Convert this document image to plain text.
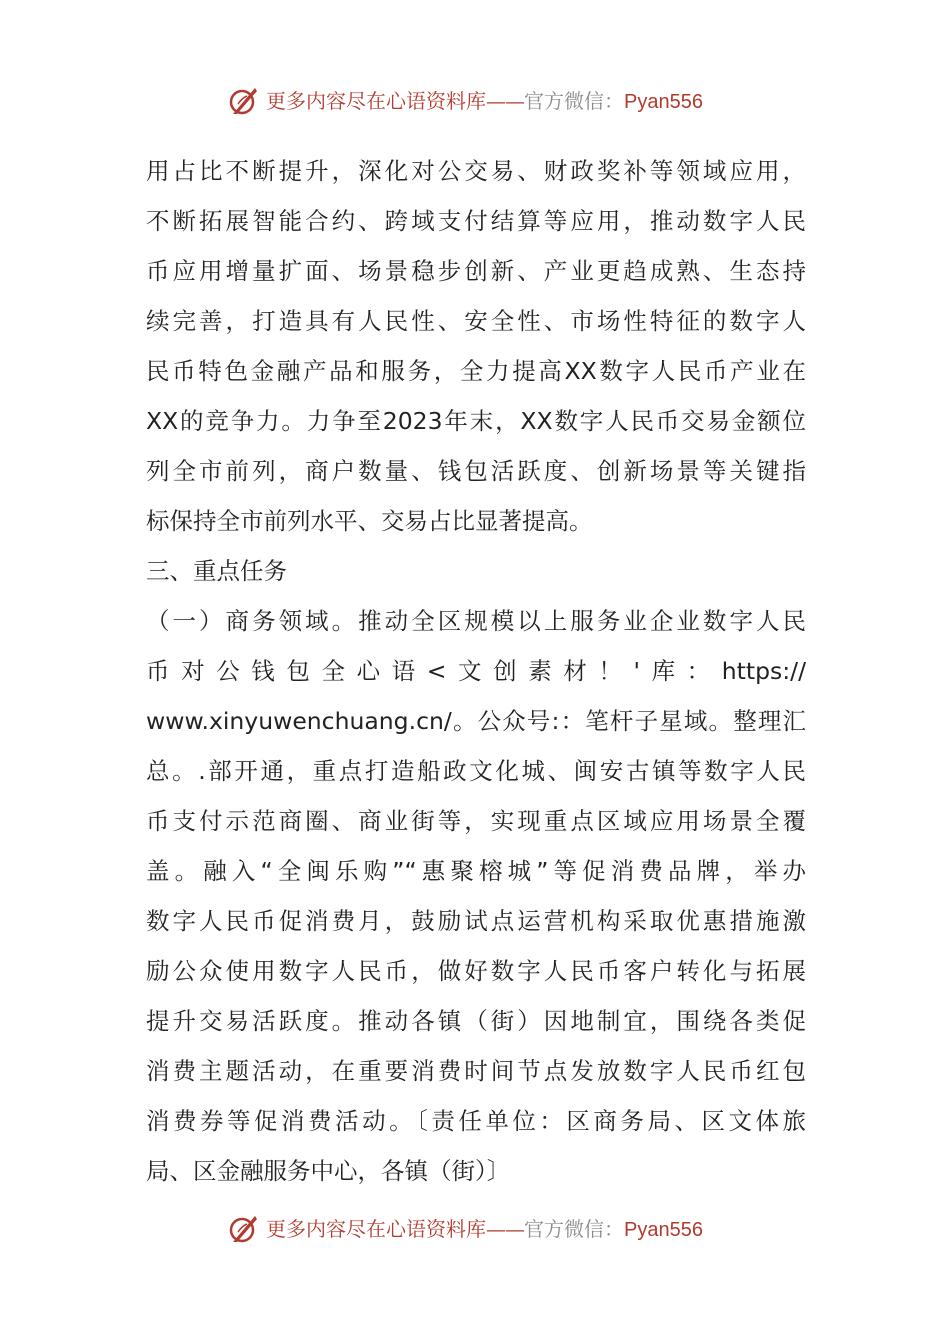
更多内容尽在心语资料库——官方微信：Pyan556
用占比不断提升，深化对公交易、财政奖补等领域应用，
不断拓展智能合约、跨域支付结算等应用，推动数字人民
币应用增量扩面、场景稳步创新、产业更趋成熟、生态持
续完善，打造具有人民性、安全性、市场性特征的数字人
民币特色金融产品和服务，全力提高XX数字人民币产业在
XX的竞争力。力争至2023年末，XX数字人民币交易金额位
列全市前列，商户数量、钱包活跃度、创新场景等关键指
标保持全市前列水平、交易占比显著提高。
三、重点任务
（一）商务领域。推动全区规模以上服务业企业数字人民
币对公钱包全心语<文创素材！'库：https://
www.xinyuwenchuang.cn/。公众号:：笔杆子星域。整理汇
总。.部开通，重点打造船政文化城、闽安古镇等数字人民
币支付示范商圈、商业街等，实现重点区域应用场景全覆
盖。融入“全闽乐购”“惠聚榕城”等促消费品牌，举办
数字人民币促消费月，鼓励试点运营机构采取优惠措施激
励公众使用数字人民币，做好数字人民币客户转化与拓展
提升交易活跃度。推动各镇（街）因地制宜，围绕各类促
消费主题活动，在重要消费时间节点发放数字人民币红包
消费券等促消费活动。〔责任单位：区商务局、区文体旅
局、区金融服务中心，各镇（街）〕
更多内容尽在心语资料库——官方微信：Pyan556
